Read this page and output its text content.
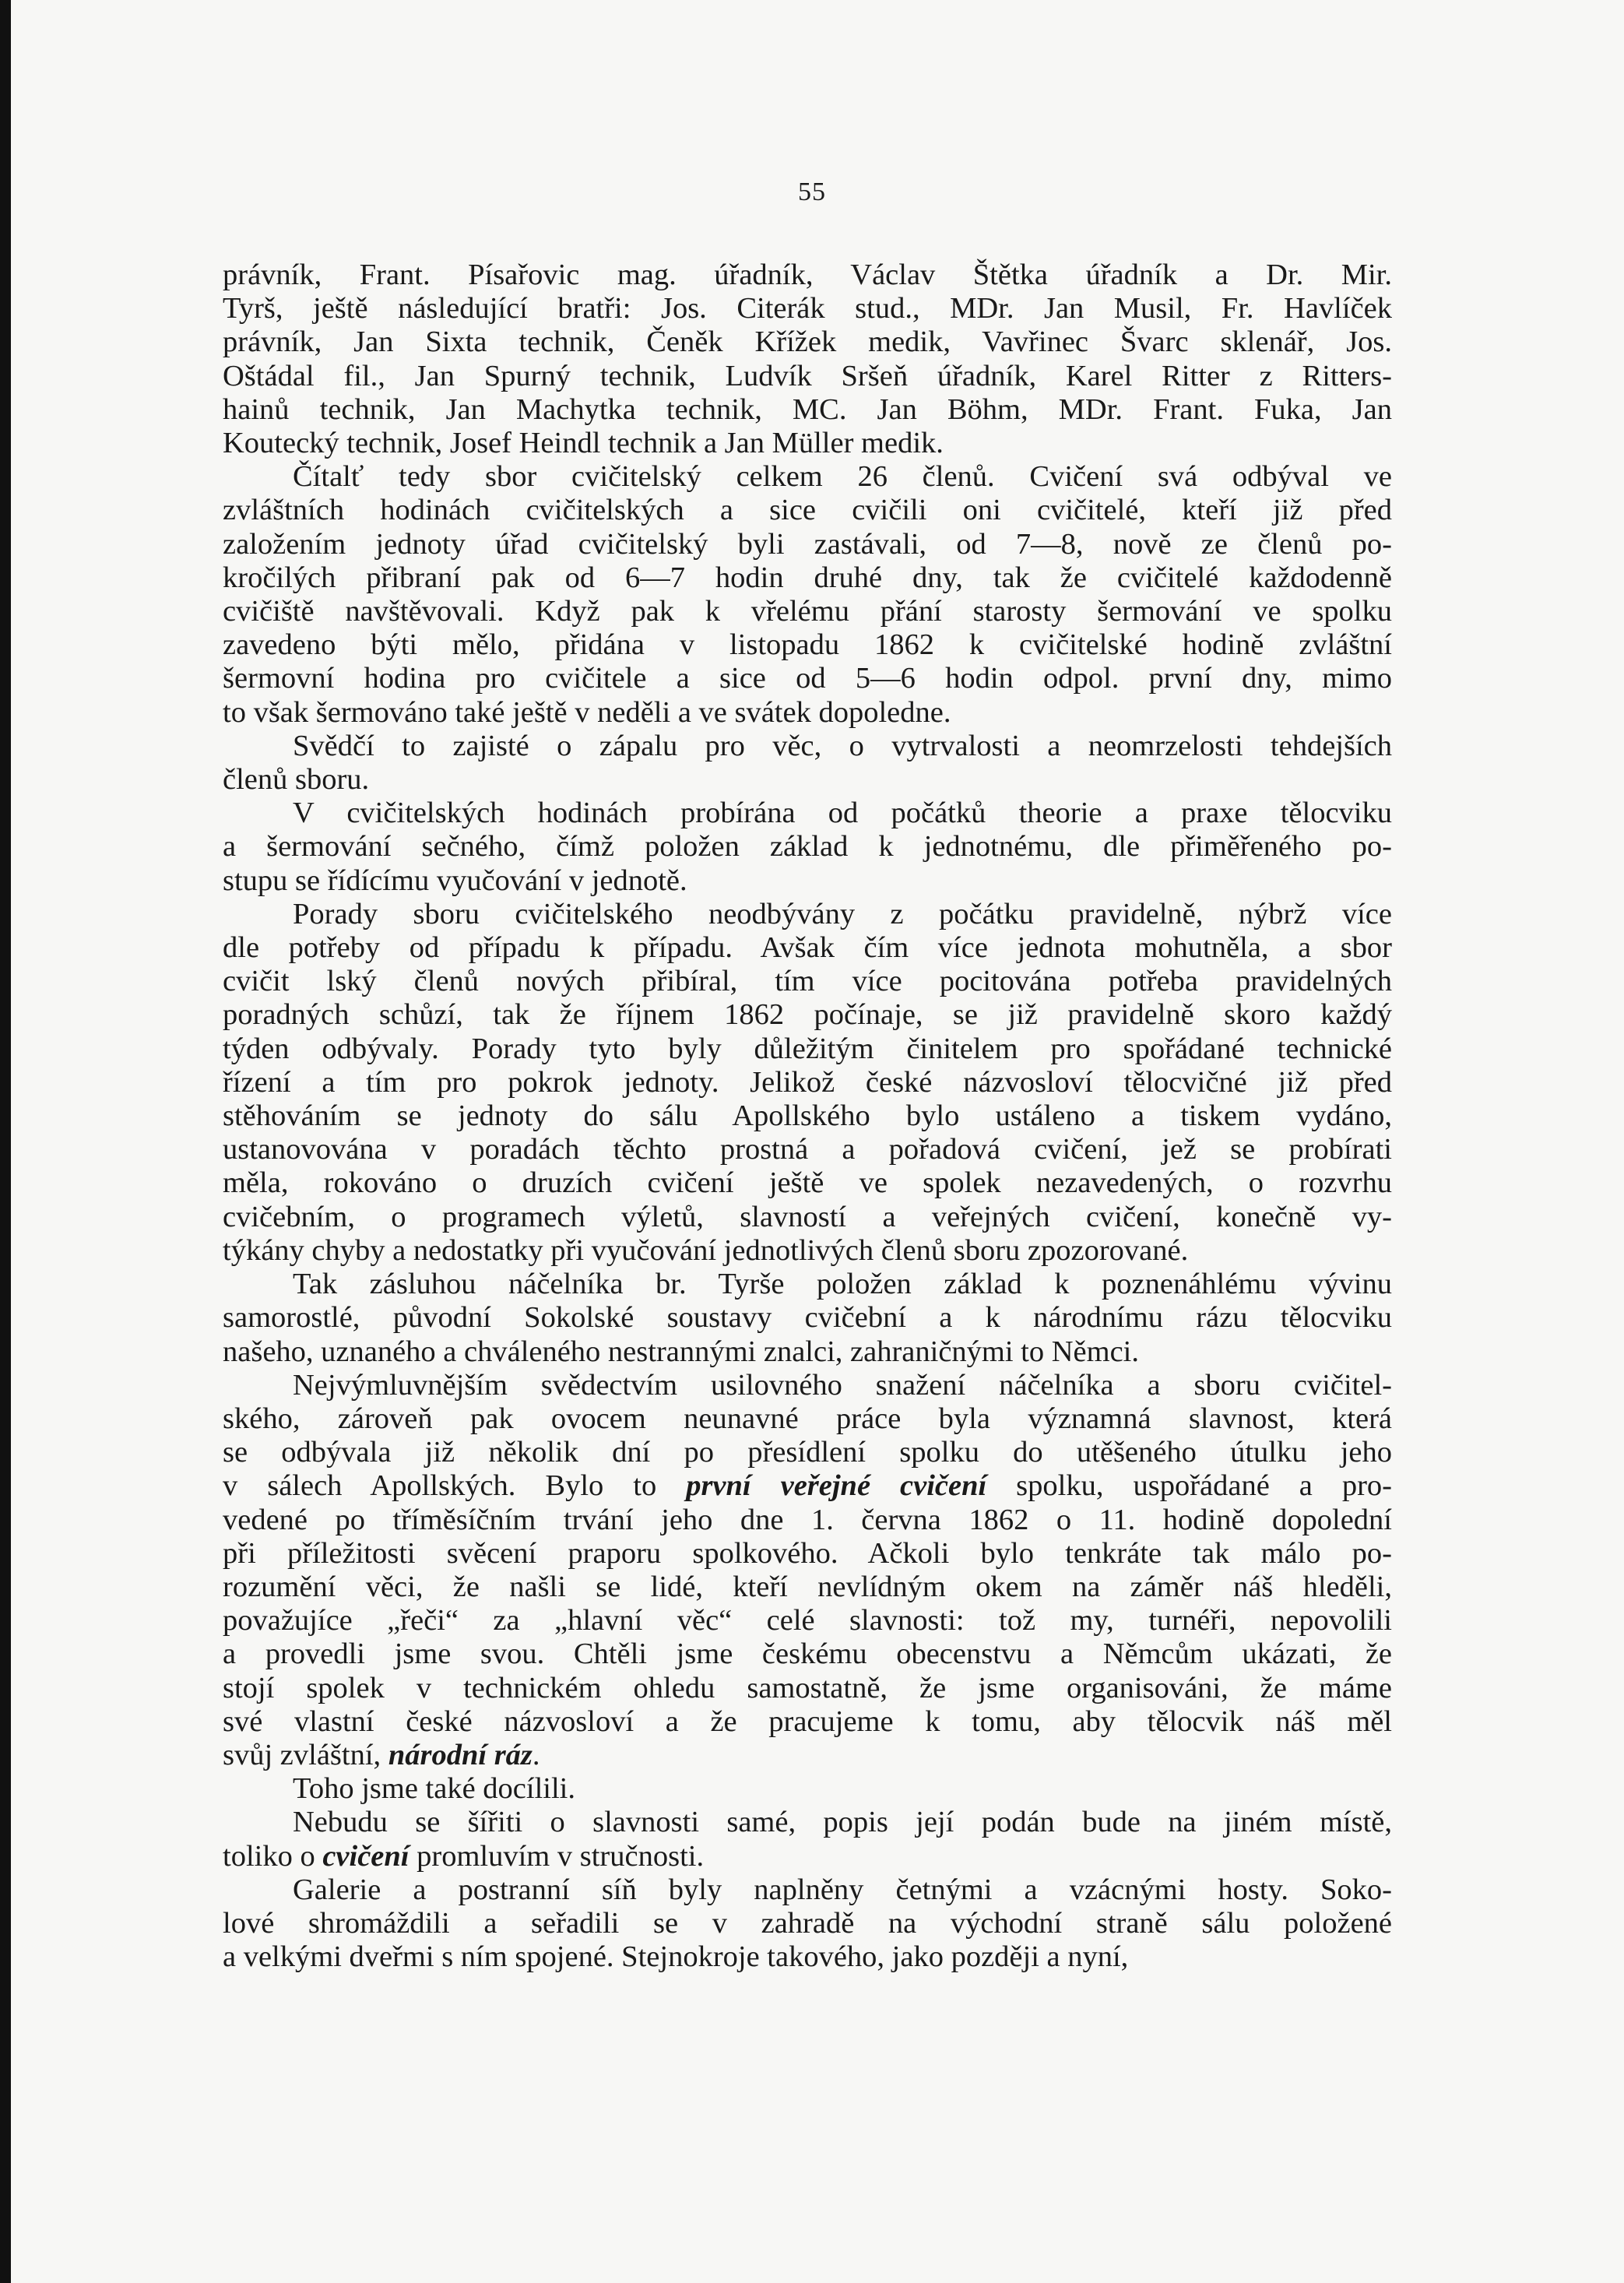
55
právník, Frant. Písařovic mag. úřadník, Václav Štětka úřadník a Dr. Mir.
Tyrš, ještě následující bratři: Jos. Citerák stud., MDr. Jan Musil, Fr. Havlíček
právník, Jan Sixta technik, Čeněk Křížek medik, Vavřinec Švarc sklenář, Jos.
Oštádal fil., Jan Spurný technik, Ludvík Sršeň úřadník, Karel Ritter z Ritters-
hainů technik, Jan Machytka technik, MC. Jan Böhm, MDr. Frant. Fuka, Jan
Koutecký technik, Josef Heindl technik a Jan Müller medik.
Čítalť tedy sbor cvičitelský celkem 26 členů. Cvičení svá odbýval ve
zvláštních hodinách cvičitelských a sice cvičili oni cvičitelé, kteří již před
založením jednoty úřad cvičitelský byli zastávali, od 7—8, nově ze členů po-
kročilých přibraní pak od 6—7 hodin druhé dny, tak že cvičitelé každodenně
cvičiště navštěvovali. Když pak k vřelému přání starosty šermování ve spolku
zavedeno býti mělo, přidána v listopadu 1862 k cvičitelské hodině zvláštní
šermovní hodina pro cvičitele a sice od 5—6 hodin odpol. první dny, mimo
to však šermováno také ještě v neděli a ve svátek dopoledne.
Svědčí to zajisté o zápalu pro věc, o vytrvalosti a neomrzelosti tehdejších
členů sboru.
V cvičitelských hodinách probírána od počátků theorie a praxe tělocviku
a šermování sečného, čímž položen základ k jednotnému, dle přiměřeného po-
stupu se řídícímu vyučování v jednotě.
Porady sboru cvičitelského neodbývány z počátku pravidelně, nýbrž více
dle potřeby od případu k případu. Avšak čím více jednota mohutněla, a sbor
cvičit lský členů nových přibíral, tím více pocitována potřeba pravidelných
poradných schůzí, tak že říjnem 1862 počínaje, se již pravidelně skoro každý
týden odbývaly. Porady tyto byly důležitým činitelem pro spořádané technické
řízení a tím pro pokrok jednoty. Jelikož české názvosloví tělocvičné již před
stěhováním se jednoty do sálu Apollského bylo ustáleno a tiskem vydáno,
ustanovována v poradách těchto prostná a pořadová cvičení, jež se probírati
měla, rokováno o druzích cvičení ještě ve spolek nezavedených, o rozvrhu
cvičebním, o programech výletů, slavností a veřejných cvičení, konečně vy-
týkány chyby a nedostatky při vyučování jednotlivých členů sboru zpozorované.
Tak zásluhou náčelníka br. Tyrše položen základ k poznenáhlému vývinu
samorostlé, původní Sokolské soustavy cvičební a k národnímu rázu tělocviku
našeho, uznaného a chváleného nestrannými znalci, zahraničnými to Němci.
Nejvýmluvnějším svědectvím usilovného snažení náčelníka a sboru cvičitel-
ského, zároveň pak ovocem neunavné práce byla významná slavnost, která
se odbývala již několik dní po přesídlení spolku do utěšeného útulku jeho
v sálech Apollských. Bylo to první veřejné cvičení spolku, uspořádané a pro-
vedené po tříměsíčním trvání jeho dne 1. června 1862 o 11. hodině dopolední
při příležitosti svěcení praporu spolkového. Ačkoli bylo tenkráte tak málo po-
rozumění věci, že našli se lidé, kteří nevlídným okem na záměr náš hleděli,
považujíce „řeči“ za „hlavní věc“ celé slavnosti: tož my, turnéři, nepovolili
a provedli jsme svou. Chtěli jsme českému obecenstvu a Němcům ukázati, že
stojí spolek v technickém ohledu samostatně, že jsme organisováni, že máme
své vlastní české názvosloví a že pracujeme k tomu, aby tělocvik náš měl
svůj zvláštní, národní ráz.
Toho jsme také docílili.
Nebudu se šířiti o slavnosti samé, popis její podán bude na jiném místě,
toliko o cvičení promluvím v stručnosti.
Galerie a postranní síň byly naplněny četnými a vzácnými hosty. Soko-
lové shromáždili a seřadili se v zahradě na východní straně sálu položené
a velkými dveřmi s ním spojené. Stejnokroje takového, jako později a nyní,
